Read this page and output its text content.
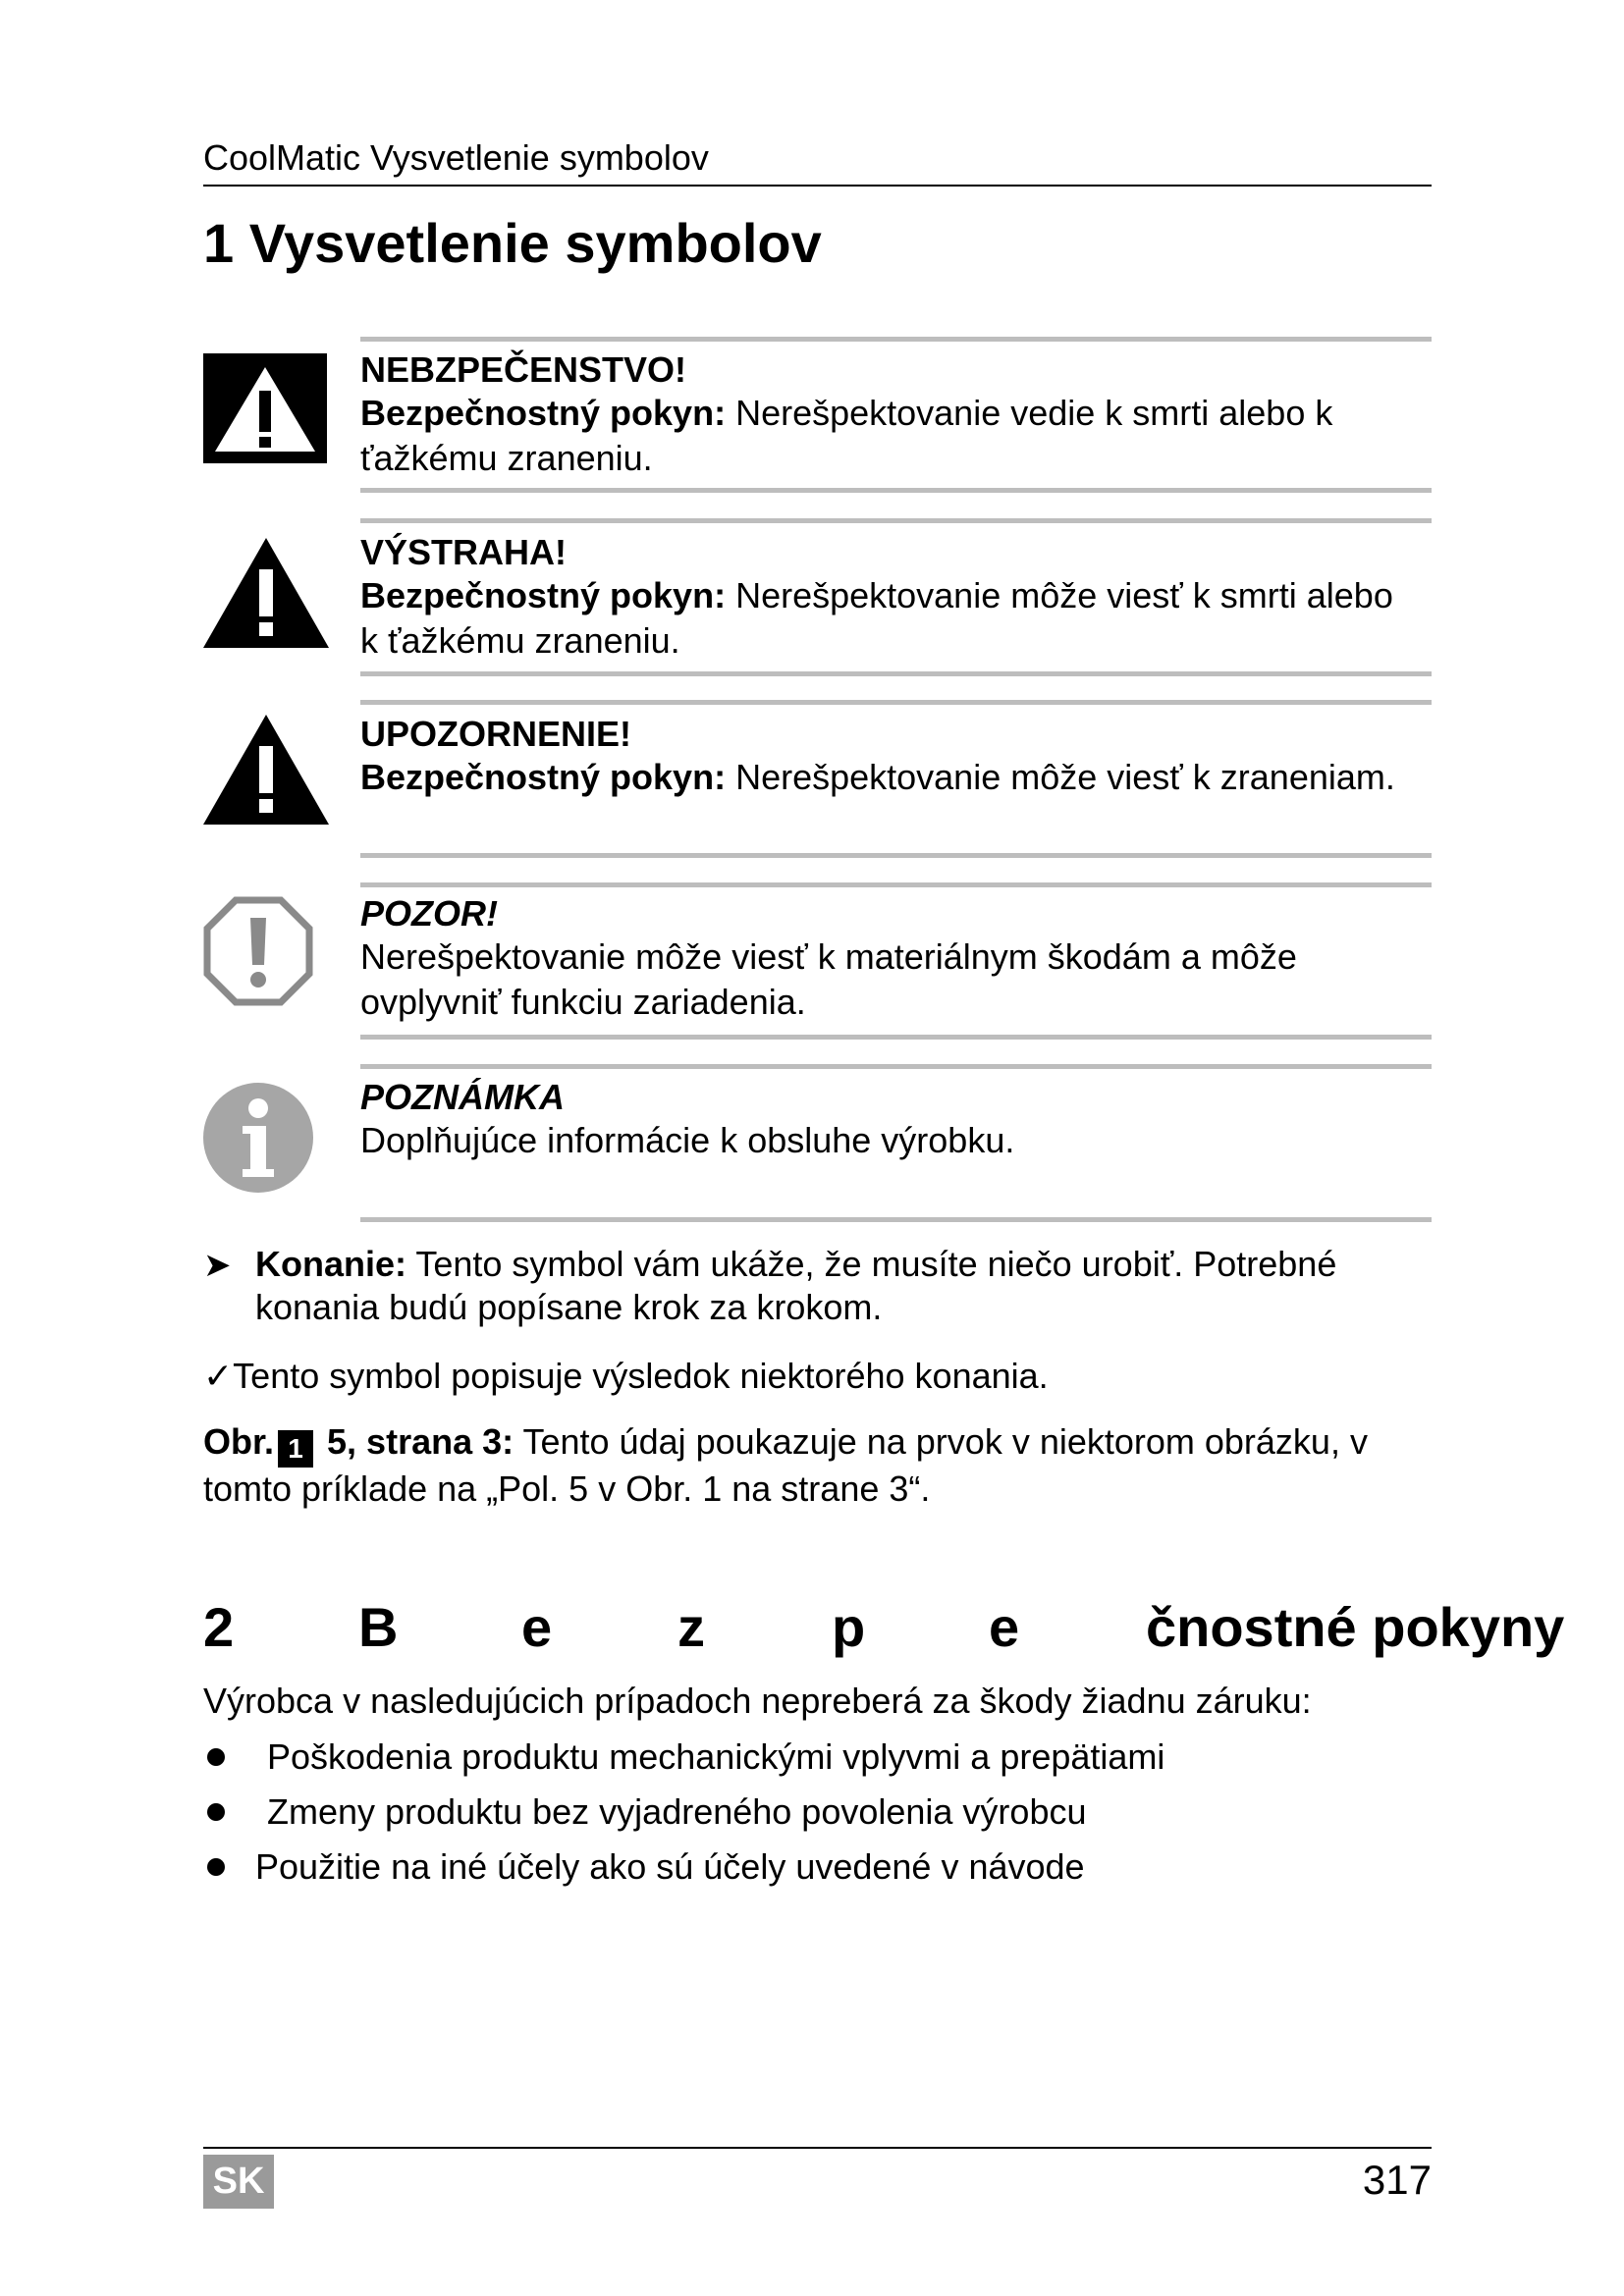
CoolMatic Vysvetlenie symbolov
1 Vysvetlenie symbolov
NEBZPEČENSTVO!
Bezpečnostný pokyn: Nerešpektovanie vedie k smrti alebo k
ťažkému zraneniu.
VÝSTRAHA!
Bezpečnostný pokyn: Nerešpektovanie môže viesť k smrti alebo
k ťažkému zraneniu.
UPOZORNENIE!
Bezpečnostný pokyn: Nerešpektovanie môže viesť k zraneniam.
POZOR!
Nerešpektovanie môže viesť k materiálnym škodám a môže
ovplyvniť funkciu zariadenia.
POZNÁMKA
Doplňujúce informácie k obsluhe výrobku.
➤ Konanie: Tento symbol vám ukáže, že musíte niečo urobiť. Potrebné
konania budú popísane krok za krokom.
✓Tento symbol popisuje výsledok niektorého konania.
Obr. 1 5, strana 3: Tento údaj poukazuje na prvok v niektorom obrázku, v
tomto príklade na „Pol. 5 v Obr. 1 na strane 3“.
2 B e z p e čnostné pokyny
Výrobca v nasledujúcich prípadoch nepreberá za škody žiadnu záruku:
Poškodenia produktu mechanickými vplyvmi a prepätiami
Zmeny produktu bez vyjadreného povolenia výrobcu
Použitie na iné účely ako sú účely uvedené v návode
SK	317
